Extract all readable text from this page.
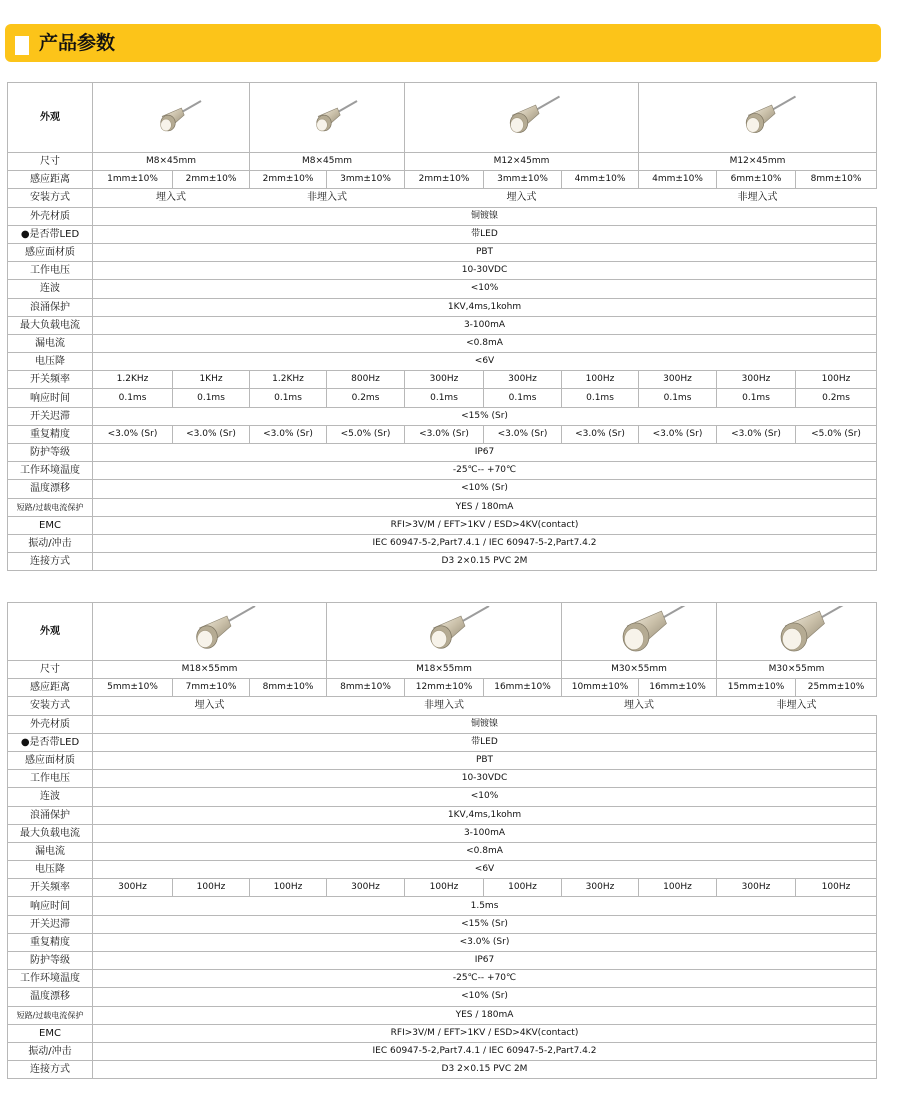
产品参数
外观	

尺寸	M8×45mm		M8×45mm		M12×45mm			M12×45mm		
感应距离	1mm±10%	2mm±10%	2mm±10%	3mm±10%	2mm±10%	3mm±10%	4mm±10%	4mm±10%	6mm±10%	8mm±10%
安装方式	埋入式		非埋入式		埋入式			非埋入式		
外壳材质	铜镀镍									
●是否带LED	带LED									
感应面材质	PBT									
工作电压	10-30VDC									
连波	<10%									
浪涌保护	1KV,4ms,1kohm									
最大负载电流	3-100mA									
漏电流	<0.8mA									
电压降	<6V									
开关频率	1.2KHz	1KHz	1.2KHz	800Hz	300Hz	300Hz	100Hz	300Hz	300Hz	100Hz
响应时间	0.1ms	0.1ms	0.1ms	0.2ms	0.1ms	0.1ms	0.1ms	0.1ms	0.1ms	0.2ms
开关迟滞	<15% (Sr)									
重复精度	<3.0% (Sr)	<3.0% (Sr)	<3.0% (Sr)	<5.0% (Sr)	<3.0% (Sr)	<3.0% (Sr)	<3.0% (Sr)	<3.0% (Sr)	<3.0% (Sr)	<5.0% (Sr)
防护等级	IP67									
工作环境温度	-25℃-- +70℃									
温度漂移	<10% (Sr)									
短路/过载电流保护	YES / 180mA									
EMC	RFI>3V/M / EFT>1KV / ESD>4KV(contact)									
振动/冲击	IEC 60947-5-2,Part7.4.1 / IEC 60947-5-2,Part7.4.2									
连接方式	D3 2×0.15 PVC 2M									
外观	

尺寸	M18×55mm			M18×55mm			M30×55mm		M30×55mm	
感应距离	5mm±10%	7mm±10%	8mm±10%	8mm±10%	12mm±10%	16mm±10%	10mm±10%	16mm±10%	15mm±10%	25mm±10%
安装方式	埋入式			非埋入式			埋入式		非埋入式	
外壳材质	铜镀镍									
●是否带LED	带LED									
感应面材质	PBT									
工作电压	10-30VDC									
连波	<10%									
浪涌保护	1KV,4ms,1kohm									
最大负载电流	3-100mA									
漏电流	<0.8mA									
电压降	<6V									
开关频率	300Hz	100Hz	100Hz	300Hz	100Hz	100Hz	300Hz	100Hz	300Hz	100Hz
响应时间	1.5ms									
开关迟滞	<15% (Sr)									
重复精度	<3.0% (Sr)									
防护等级	IP67									
工作环境温度	-25℃-- +70℃									
温度漂移	<10% (Sr)									
短路/过载电流保护	YES / 180mA									
EMC	RFI>3V/M / EFT>1KV / ESD>4KV(contact)									
振动/冲击	IEC 60947-5-2,Part7.4.1 / IEC 60947-5-2,Part7.4.2									
连接方式	D3 2×0.15 PVC 2M									
